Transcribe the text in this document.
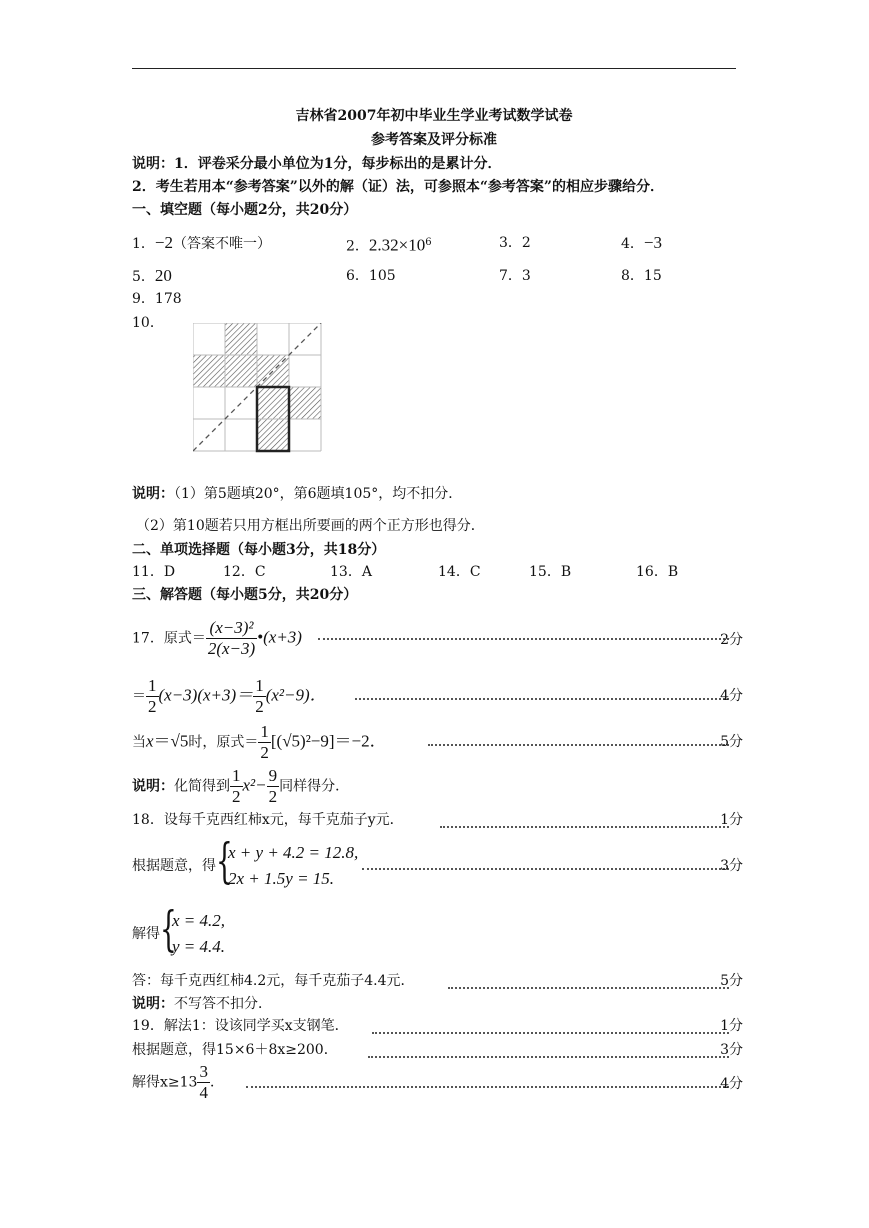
吉林省2007年初中毕业生学业考试数学试卷
参考答案及评分标准
说明：1．评卷采分最小单位为1分，每步标出的是累计分．
2．考生若用本“参考答案”以外的解（证）法，可参照本“参考答案”的相应步骤给分．
一、填空题（每小题2分，共20分）
1．−2（答案不唯一）	2．$2.32\times 10^6$	3．2	4．−3
5．20	6．105	7．3	8．15
9．178
10．
说明：（1）第5题填20°，第6题填105°，均不扣分．
（2）第10题若只用方框出所要画的两个正方形也得分．
二、单项选择题（每小题3分，共18分）
11．D	12．C	13．A	14．C	15．B	16．B
三、解答题（每小题5分，共20分）
17．原式＝ $\frac{\text{(x−3)²}}{2(x-3)}$ •(x+3)	2分
＝ $\frac{1}{2} (x-3)(x+3)= \frac{1}{2} (x^2-9)$．	4分
当x＝√5时，原式＝ $\frac{1}{2} [(√5)^2-9]=-2$．	5分
说明：化简得到 $\frac{1}{2} x^2- \frac{9}{2}$ 同样得分．
18．设每千克西红柿x元，每千克茄子y元．	1分
根据题意，得 {
x + y + 4.2 = 12.8,
2x + 1.5y = 15.
3分
解得 {
x = 4.2,
y = 4.4.
答：每千克西红柿4.2元，每千克茄子4.4元．	5分
说明：不写答不扣分．
19．解法1：设该同学买x支钢笔．	1分
根据题意，得15×6＋8x≥200．	3分
解得$x\ge 13 \frac{3}{4}$ ．	4分
